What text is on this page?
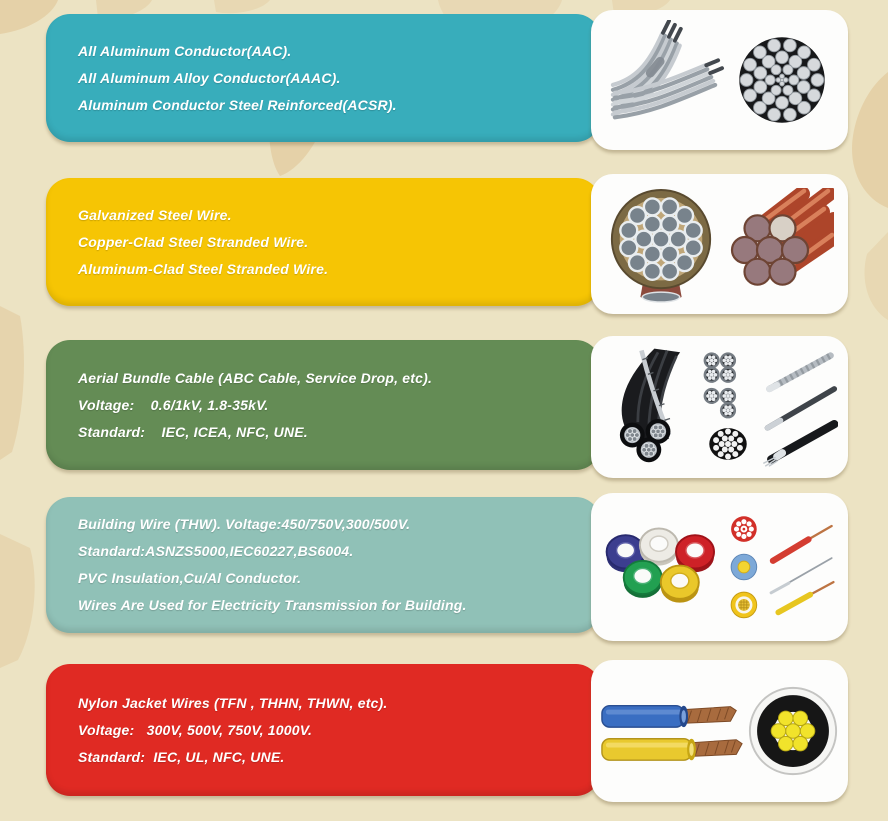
All Aluminum Conductor(AAC).
All Aluminum Alloy Conductor(AAAC).
Aluminum Conductor Steel Reinforced(ACSR).
Galvanized Steel Wire.
Copper-Clad Steel Stranded Wire.
Aluminum-Clad Steel Stranded Wire.
Aerial Bundle Cable (ABC Cable, Service Drop, etc).
Voltage:    0.6/1kV, 1.8-35kV.
Standard:    IEC, ICEA, NFC, UNE.
Building Wire (THW). Voltage:450/750V,300/500V.
Standard:ASNZS5000,IEC60227,BS6004.
PVC Insulation,Cu/Al Conductor.
Wires Are Used for Electricity Transmission for Building.
Nylon Jacket Wires (TFN , THHN, THWN, etc).
Voltage:   300V, 500V, 750V, 1000V.
Standard:  IEC, UL, NFC, UNE.
